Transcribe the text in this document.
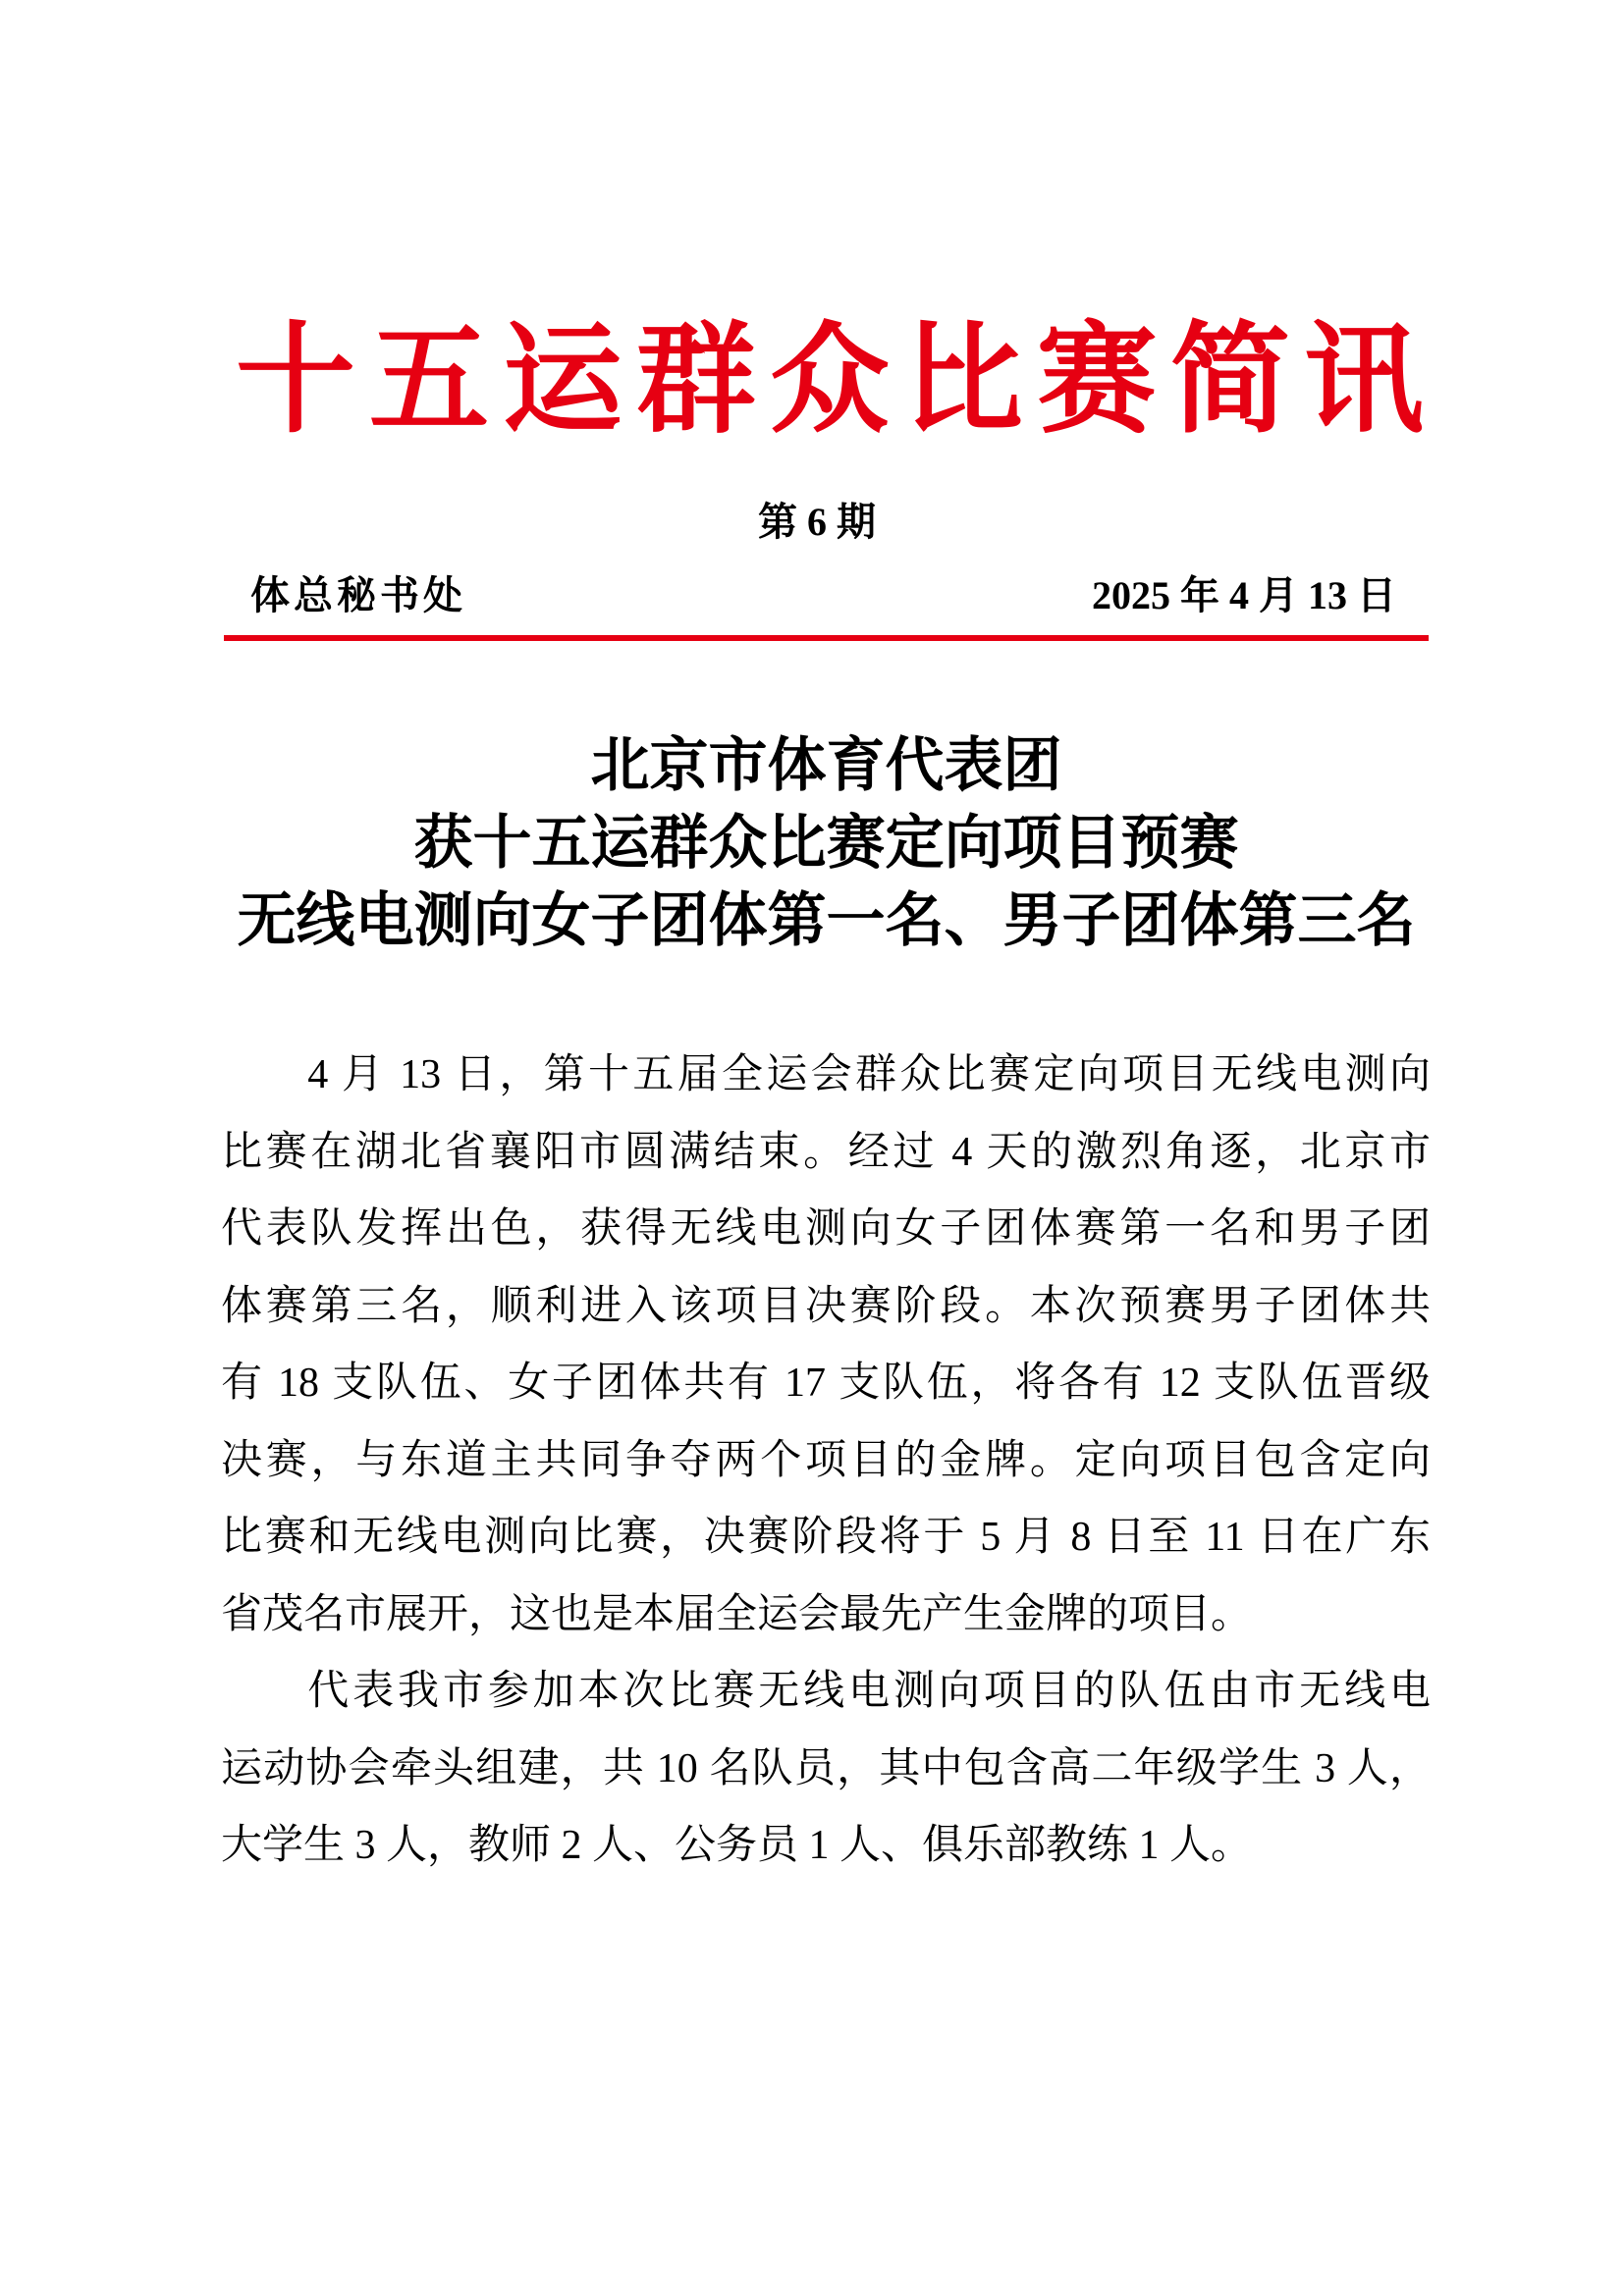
十五运群众比赛简讯
第 6 期
体总秘书处	2025 年 4 月 13 日
北京市体育代表团
获十五运群众比赛定向项目预赛
无线电测向女子团体第一名、男子团体第三名
4 月 13 日，第十五届全运会群众比赛定向项目无线电测向
比赛在湖北省襄阳市圆满结束。经过 4 天的激烈角逐，北京市
代表队发挥出色，获得无线电测向女子团体赛第一名和男子团
体赛第三名，顺利进入该项目决赛阶段。本次预赛男子团体共
有 18 支队伍、女子团体共有 17 支队伍，将各有 12 支队伍晋级
决赛，与东道主共同争夺两个项目的金牌。定向项目包含定向
比赛和无线电测向比赛，决赛阶段将于 5 月 8 日至 11 日在广东
省茂名市展开，这也是本届全运会最先产生金牌的项目。
代表我市参加本次比赛无线电测向项目的队伍由市无线电
运动协会牵头组建，共 10 名队员，其中包含高二年级学生 3 人，
大学生 3 人，教师 2 人、公务员 1 人、俱乐部教练 1 人。
